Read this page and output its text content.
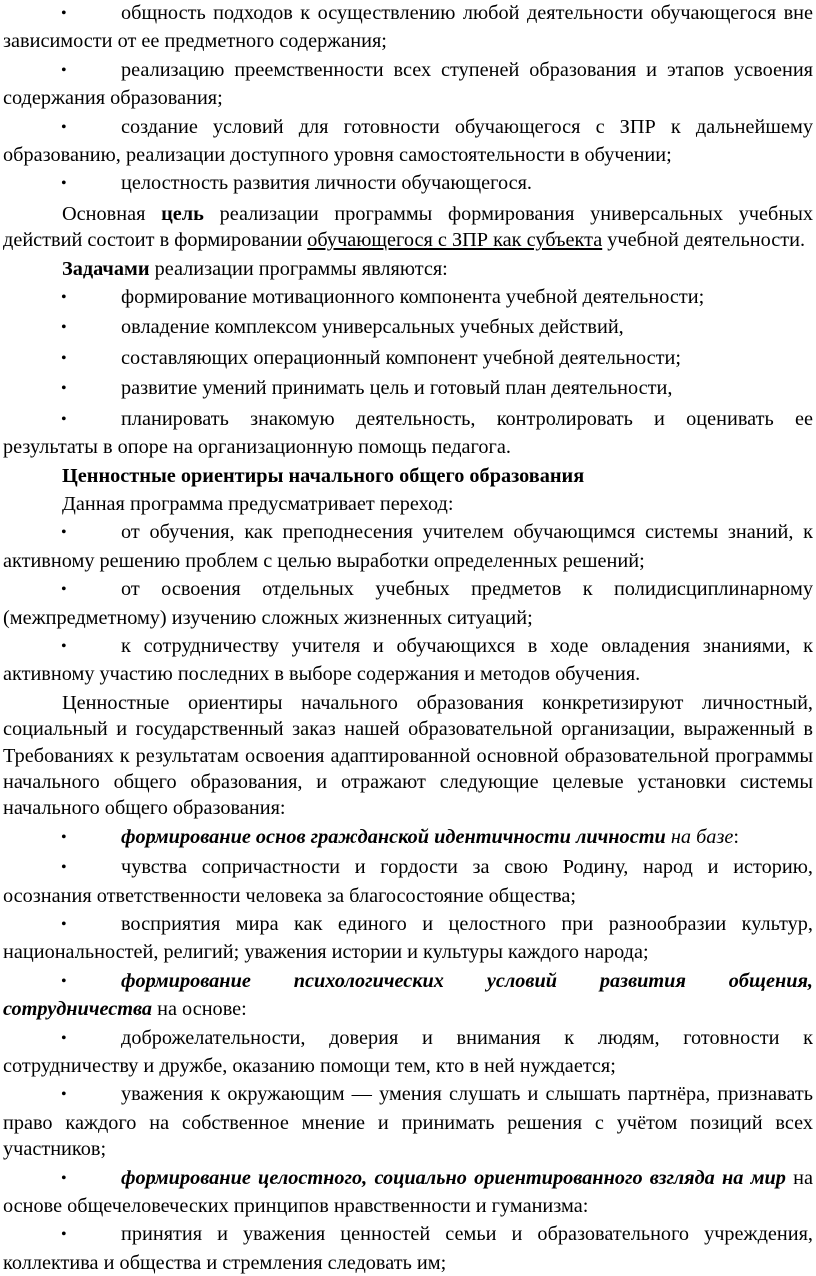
•общность подходов к осуществлению любой деятельности обучающегося вне зависимости от ее предметного содержания;

•реализацию преемственности всех ступеней образования и этапов усвоения содержания образования;

•создание условий для готовности обучающегося с ЗПР к дальнейшему образованию, реализации доступного уровня самостоятельности в обучении;

•целостность развития личности обучающегося.

Основная цель реализации программы формирования универсальных учебных действий состоит в формировании обучающегося с ЗПР как субъекта учебной деятельности.

Задачами реализации программы являются:

•формирование мотивационного компонента учебной деятельности;

•овладение комплексом универсальных учебных действий,

•составляющих операционный компонент учебной деятельности;

•развитие умений принимать цель и готовый план деятельности,

•планировать знакомую деятельность, контролировать и оценивать ее результаты в опоре на организационную помощь педагога.

Ценностные ориентиры начального общего образования

Данная программа предусматривает переход:

•от обучения, как преподнесения учителем обучающимся системы знаний, к активному решению проблем с целью выработки определенных решений;

•от освоения отдельных учебных предметов к полидисциплинарному (межпредметному) изучению сложных жизненных ситуаций;

•к сотрудничеству учителя и обучающихся в ходе овладения знаниями, к активному участию последних в выборе содержания и методов обучения.

Ценностные ориентиры начального образования конкретизируют личностный, социальный и государственный заказ нашей образовательной организации, выраженный в Требованиях к результатам освоения адаптированной основной образовательной программы начального общего образования, и отражают следующие целевые установки системы начального общего образования:

•формирование основ гражданской идентичности личности на базе:

•чувства сопричастности и гордости за свою Родину, народ и историю, осознания ответственности человека за благосостояние общества;

•восприятия мира как единого и целостного при разнообразии культур, национальностей, религий; уважения истории и культуры каждого народа;

•формирование психологических условий развития общения, сотрудничества на основе:

•доброжелательности, доверия и внимания к людям, готовности к сотрудничеству и дружбе, оказанию помощи тем, кто в ней нуждается;

•уважения к окружающим — умения слушать и слышать партнёра, признавать право каждого на собственное мнение и принимать решения с учётом позиций всех участников;

•формирование целостного, социально ориентированного взгляда на мир на основе общечеловеческих принципов нравственности и гуманизма:

•принятия и уважения ценностей семьи и образовательного учреждения, коллектива и общества и стремления следовать им;
